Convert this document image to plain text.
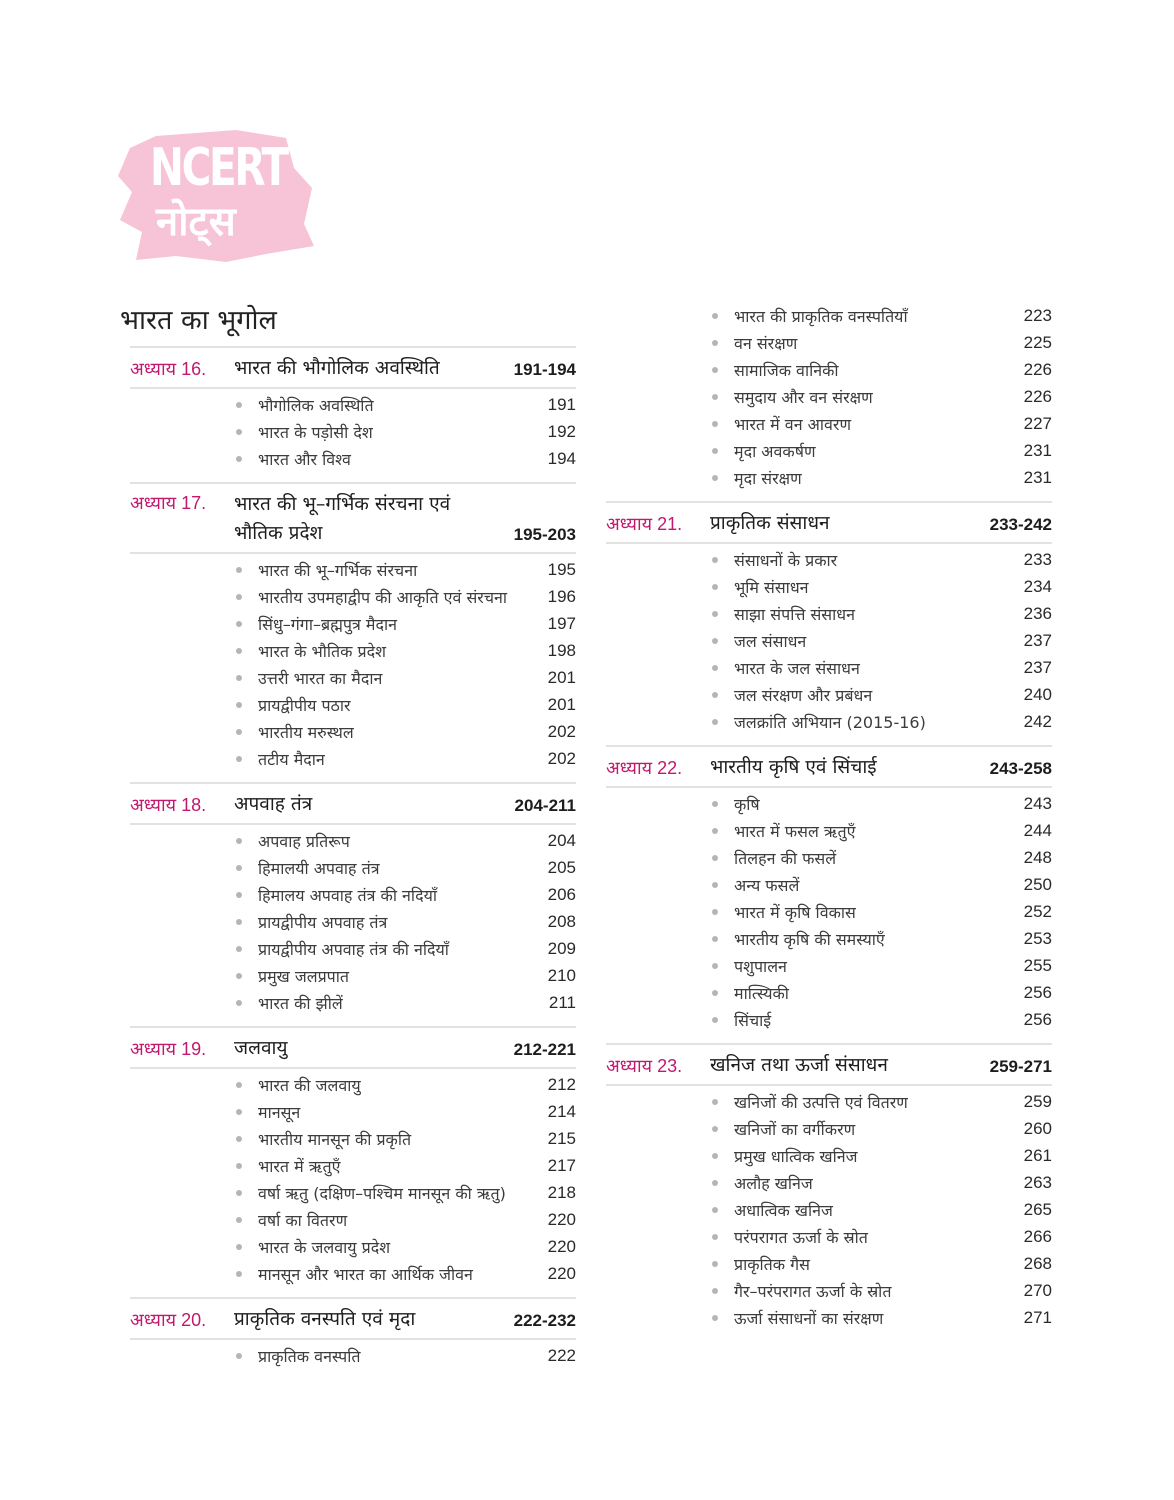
NCERT
नोट्स
भारत का भूगोल
अध्याय 16.	भारत की भौगोलिक अवस्थिति	191-194
भौगोलिक अवस्थिति	191
भारत के पड़ोसी देश	192
भारत और विश्व	194
अध्याय 17.	भारत की भू–गर्भिक संरचना एवं
भौतिक प्रदेश	195-203
भारत की भू–गर्भिक संरचना	195
भारतीय उपमहाद्वीप की आकृति एवं संरचना	196
सिंधु–गंगा–ब्रह्मपुत्र मैदान	197
भारत के भौतिक प्रदेश	198
उत्तरी भारत का मैदान	201
प्रायद्वीपीय पठार	201
भारतीय मरुस्थल	202
तटीय मैदान	202
अध्याय 18.	अपवाह तंत्र	204-211
अपवाह प्रतिरूप	204
हिमालयी अपवाह तंत्र	205
हिमालय अपवाह तंत्र की नदियाँ	206
प्रायद्वीपीय अपवाह तंत्र	208
प्रायद्वीपीय अपवाह तंत्र की नदियाँ	209
प्रमुख जलप्रपात	210
भारत की झीलें	211
अध्याय 19.	जलवायु	212-221
भारत की जलवायु	212
मानसून	214
भारतीय मानसून की प्रकृति	215
भारत में ऋतुएँ	217
वर्षा ऋतु (दक्षिण–पश्चिम मानसून की ऋतु)	218
वर्षा का वितरण	220
भारत के जलवायु प्रदेश	220
मानसून और भारत का आर्थिक जीवन	220
अध्याय 20.	प्राकृतिक वनस्पति एवं मृदा	222-232
प्राकृतिक वनस्पति	222
भारत की प्राकृतिक वनस्पतियाँ	223
वन संरक्षण	225
सामाजिक वानिकी	226
समुदाय और वन संरक्षण	226
भारत में वन आवरण	227
मृदा अवकर्षण	231
मृदा संरक्षण	231
अध्याय 21.	प्राकृतिक संसाधन	233-242
संसाधनों के प्रकार	233
भूमि संसाधन	234
साझा संपत्ति संसाधन	236
जल संसाधन	237
भारत के जल संसाधन	237
जल संरक्षण और प्रबंधन	240
जलक्रांति अभियान (2015-16)	242
अध्याय 22.	भारतीय कृषि एवं सिंचाई	243-258
कृषि	243
भारत में फसल ऋतुएँ	244
तिलहन की फसलें	248
अन्य फसलें	250
भारत में कृषि विकास	252
भारतीय कृषि की समस्याएँ	253
पशुपालन	255
मात्स्यिकी	256
सिंचाई	256
अध्याय 23.	खनिज तथा ऊर्जा संसाधन	259-271
खनिजों की उत्पत्ति एवं वितरण	259
खनिजों का वर्गीकरण	260
प्रमुख धात्विक खनिज	261
अलौह खनिज	263
अधात्विक खनिज	265
परंपरागत ऊर्जा के स्रोत	266
प्राकृतिक गैस	268
गैर–परंपरागत ऊर्जा के स्रोत	270
ऊर्जा संसाधनों का संरक्षण	271
